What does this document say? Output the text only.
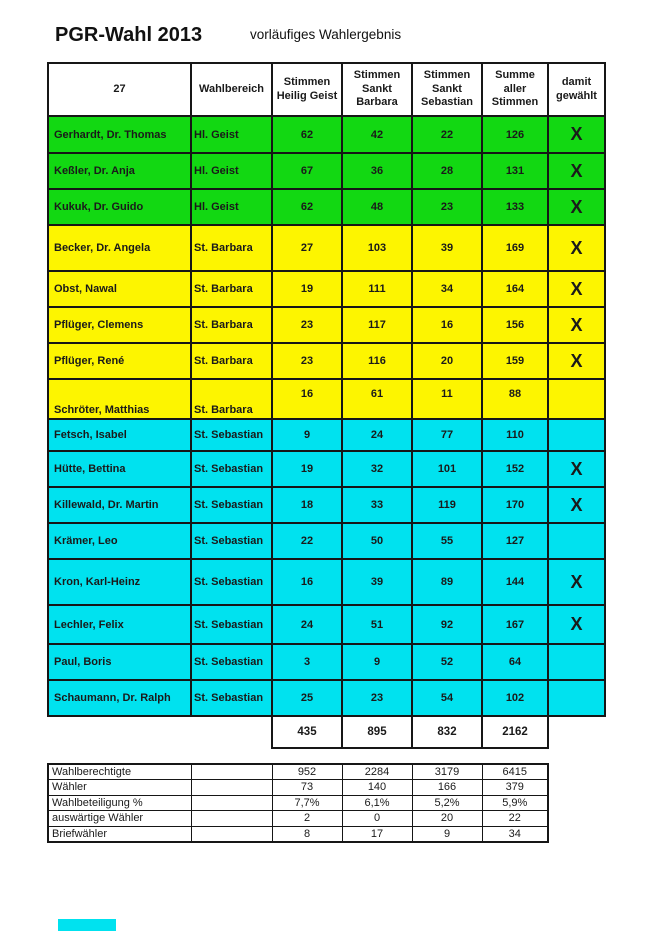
PGR-Wahl 2013	vorläufiges Wahlergebnis
27	Wahlbereich	Stimmen Heilig Geist	Stimmen Sankt Barbara	Stimmen Sankt Sebastian	Summe aller Stimmen	damit gewählt
Gerhardt, Dr. Thomas	Hl. Geist	62	42	22	126	X
Keßler, Dr. Anja	Hl. Geist	67	36	28	131	X
Kukuk, Dr. Guido	Hl. Geist	62	48	23	133	X
Becker, Dr. Angela	St. Barbara	27	103	39	169	X
Obst, Nawal	St. Barbara	19	111	34	164	X
Pflüger, Clemens	St. Barbara	23	117	16	156	X
Pflüger, René	St. Barbara	23	116	20	159	X
Schröter, Matthias	St. Barbara	16	61	11	88	
Fetsch, Isabel	St. Sebastian	9	24	77	110	
Hütte, Bettina	St. Sebastian	19	32	101	152	X
Killewald, Dr. Martin	St. Sebastian	18	33	119	170	X
Krämer, Leo	St. Sebastian	22	50	55	127	
Kron, Karl-Heinz	St. Sebastian	16	39	89	144	X
Lechler, Felix	St. Sebastian	24	51	92	167	X
Paul, Boris	St. Sebastian	3	9	52	64	
Schaumann, Dr. Ralph	St. Sebastian	25	23	54	102	
		435	895	832	2162	
Wahlberechtigte		952	2284	3179	6415
Wähler		73	140	166	379
Wahlbeteiligung %		7,7%	6,1%	5,2%	5,9%
auswärtige Wähler		2	0	20	22
Briefwähler		8	17	9	34
